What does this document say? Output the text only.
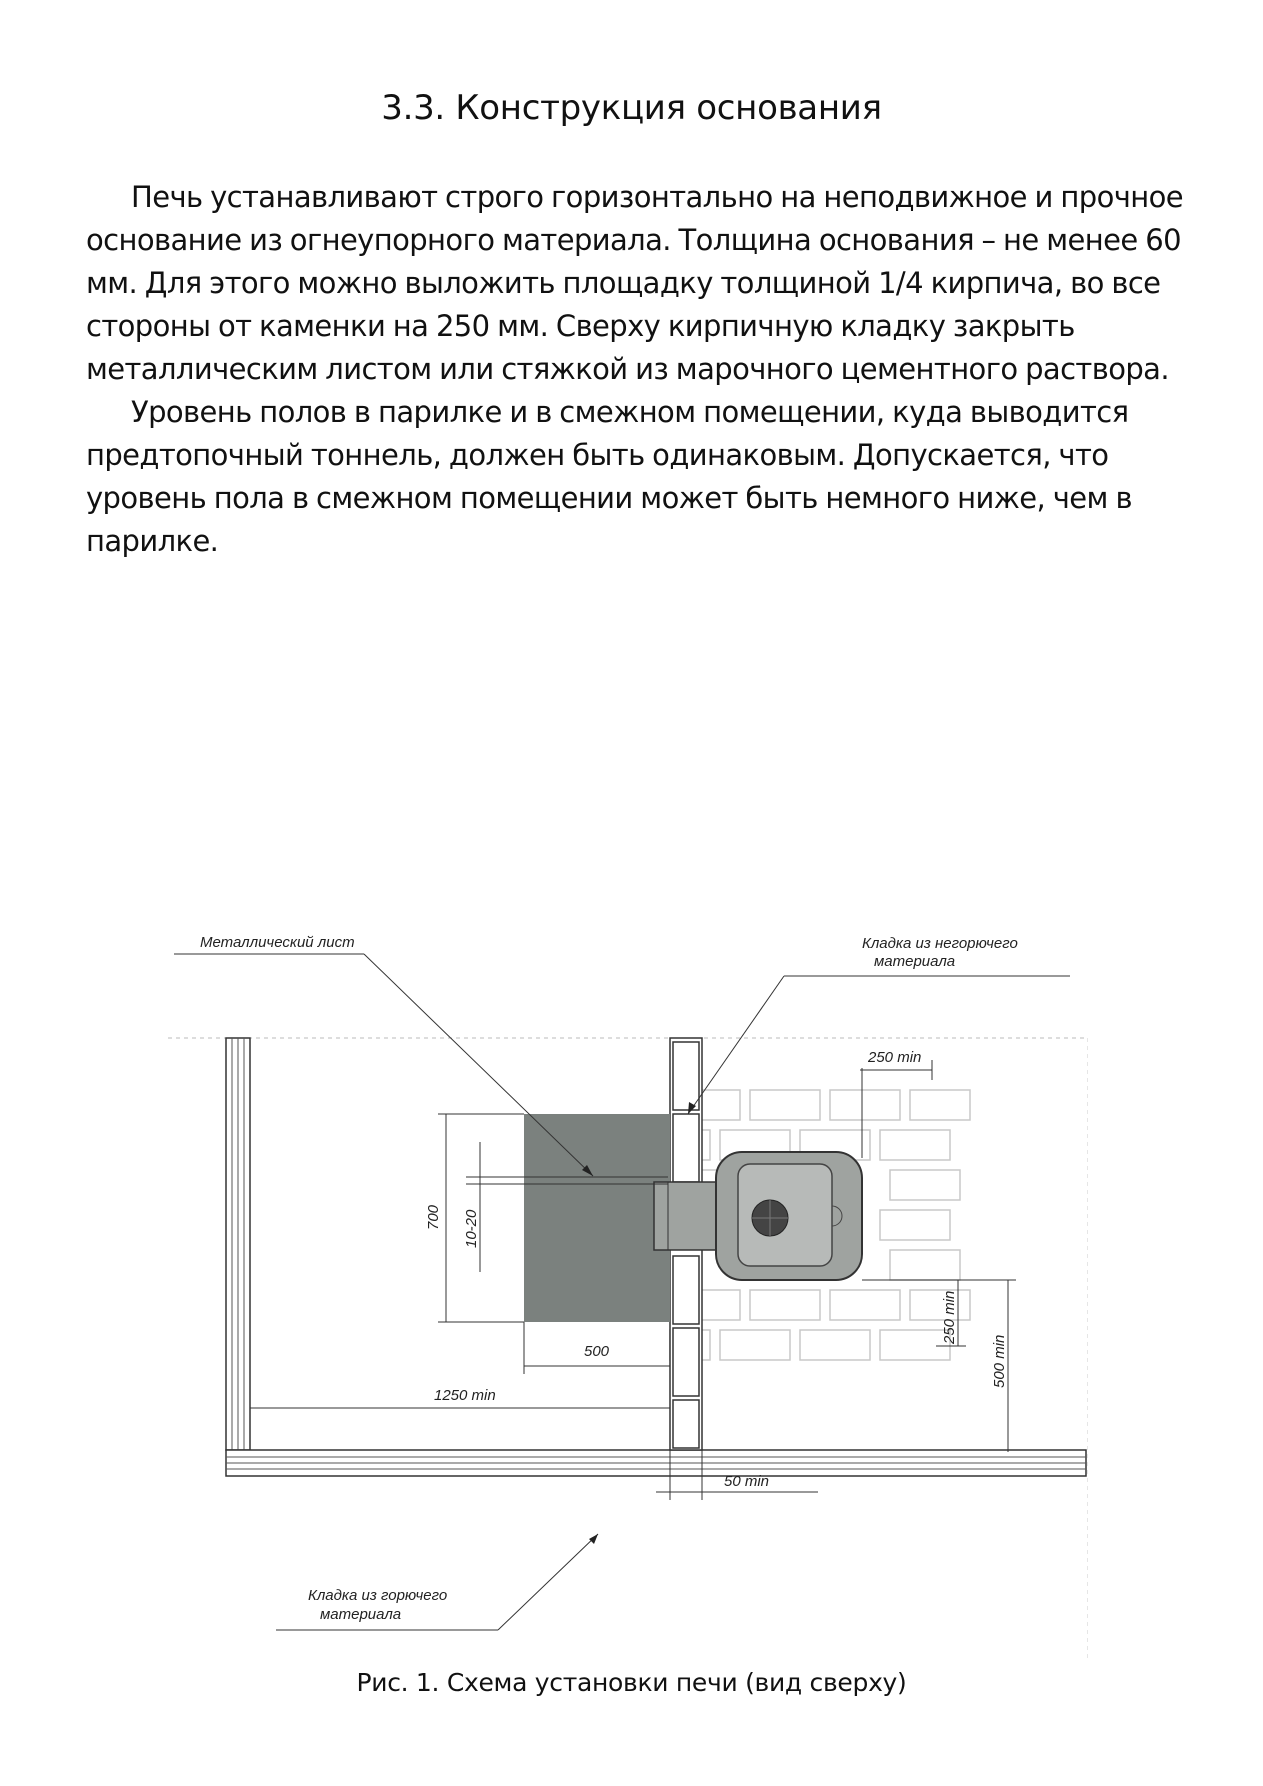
3.3. Конструкция основания

Печь устанавливают строго горизонтально на неподвижное и прочное основание из огнеупорного материала. Толщина основания – не менее 60 мм. Для этого можно выложить площадку толщиной 1/4 кирпича, во все стороны от каменки на 250 мм. Сверху кирпичную кладку закрыть металлическим листом или стяжкой из марочного цементного раствора.

Уровень полов в парилке и в смежном помещении, куда выводится предтопочный тоннель, должен быть одинаковым. Допускается, что уровень пола в смежном помещении может быть немного ниже, чем в парилке.

700 10-20
500
1250 min
250 min
250 min
500 min
50 min
Металлический лист	Кладка из негорючего
материала
Кладка из горючего
материала

Рис. 1. Схема установки печи (вид сверху)
